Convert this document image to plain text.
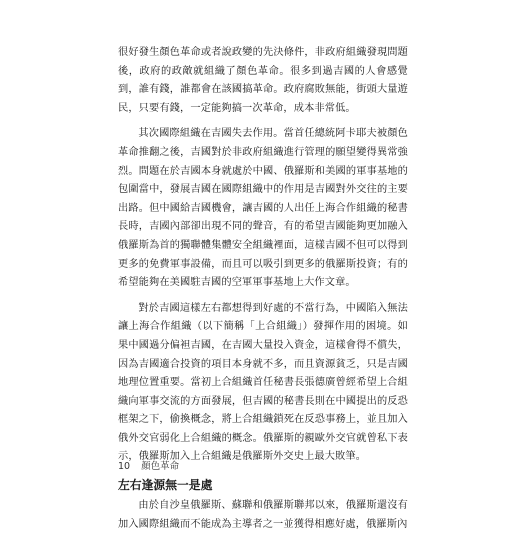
很好發生顏色革命或者說政變的先決條件，非政府組織發現問題後，政府的政敵就組織了顏色革命。很多到過吉國的人會感覺到，誰有錢，誰都會在該國搞革命。政府腐敗無能，街頭大量遊民，只要有錢，一定能夠搞一次革命，成本非常低。

其次國際組織在吉國失去作用。當首任總統阿卡耶夫被顏色革命推翻之後，吉國對於非政府組織進行管理的願望變得異常強烈。問題在於吉國本身就處於中國、俄羅斯和美國的軍事基地的包圍當中，發展吉國在國際組織中的作用是吉國對外交往的主要出路。但中國給吉國機會，讓吉國的人出任上海合作組織的秘書長時，吉國內部卻出現不同的聲音，有的希望吉國能夠更加融入俄羅斯為首的獨聯體集體安全組織裡面，這樣吉國不但可以得到更多的免費軍事設備，而且可以吸引到更多的俄羅斯投資；有的希望能夠在美國駐吉國的空軍軍事基地上大作文章。

對於吉國這樣左右都想得到好處的不當行為，中國陷入無法讓上海合作組織（以下簡稱「上合組織」）發揮作用的困境。如果中國過分偏袒吉國，在吉國大量投入資金，這樣會得不償失，因為吉國適合投資的項目本身就不多，而且資源貧乏，只是吉國地理位置重要。當初上合組織首任秘書長張德廣曾經希望上合組織向軍事交流的方面發展，但吉國的秘書長則在中國提出的反恐框架之下，偷換概念，將上合組織鎖死在反恐事務上，並且加入俄外交官弱化上合組織的概念。俄羅斯的親歐外交官就曾私下表示，俄羅斯加入上合組織是俄羅斯外交史上最大敗筆。

左右逢源無一是處

由於自沙皇俄羅斯、蘇聯和俄羅斯聯邦以來，俄羅斯還沒有加入國際組織而不能成為主導者之一並獲得相應好處，俄羅斯內

10 顏色革命
